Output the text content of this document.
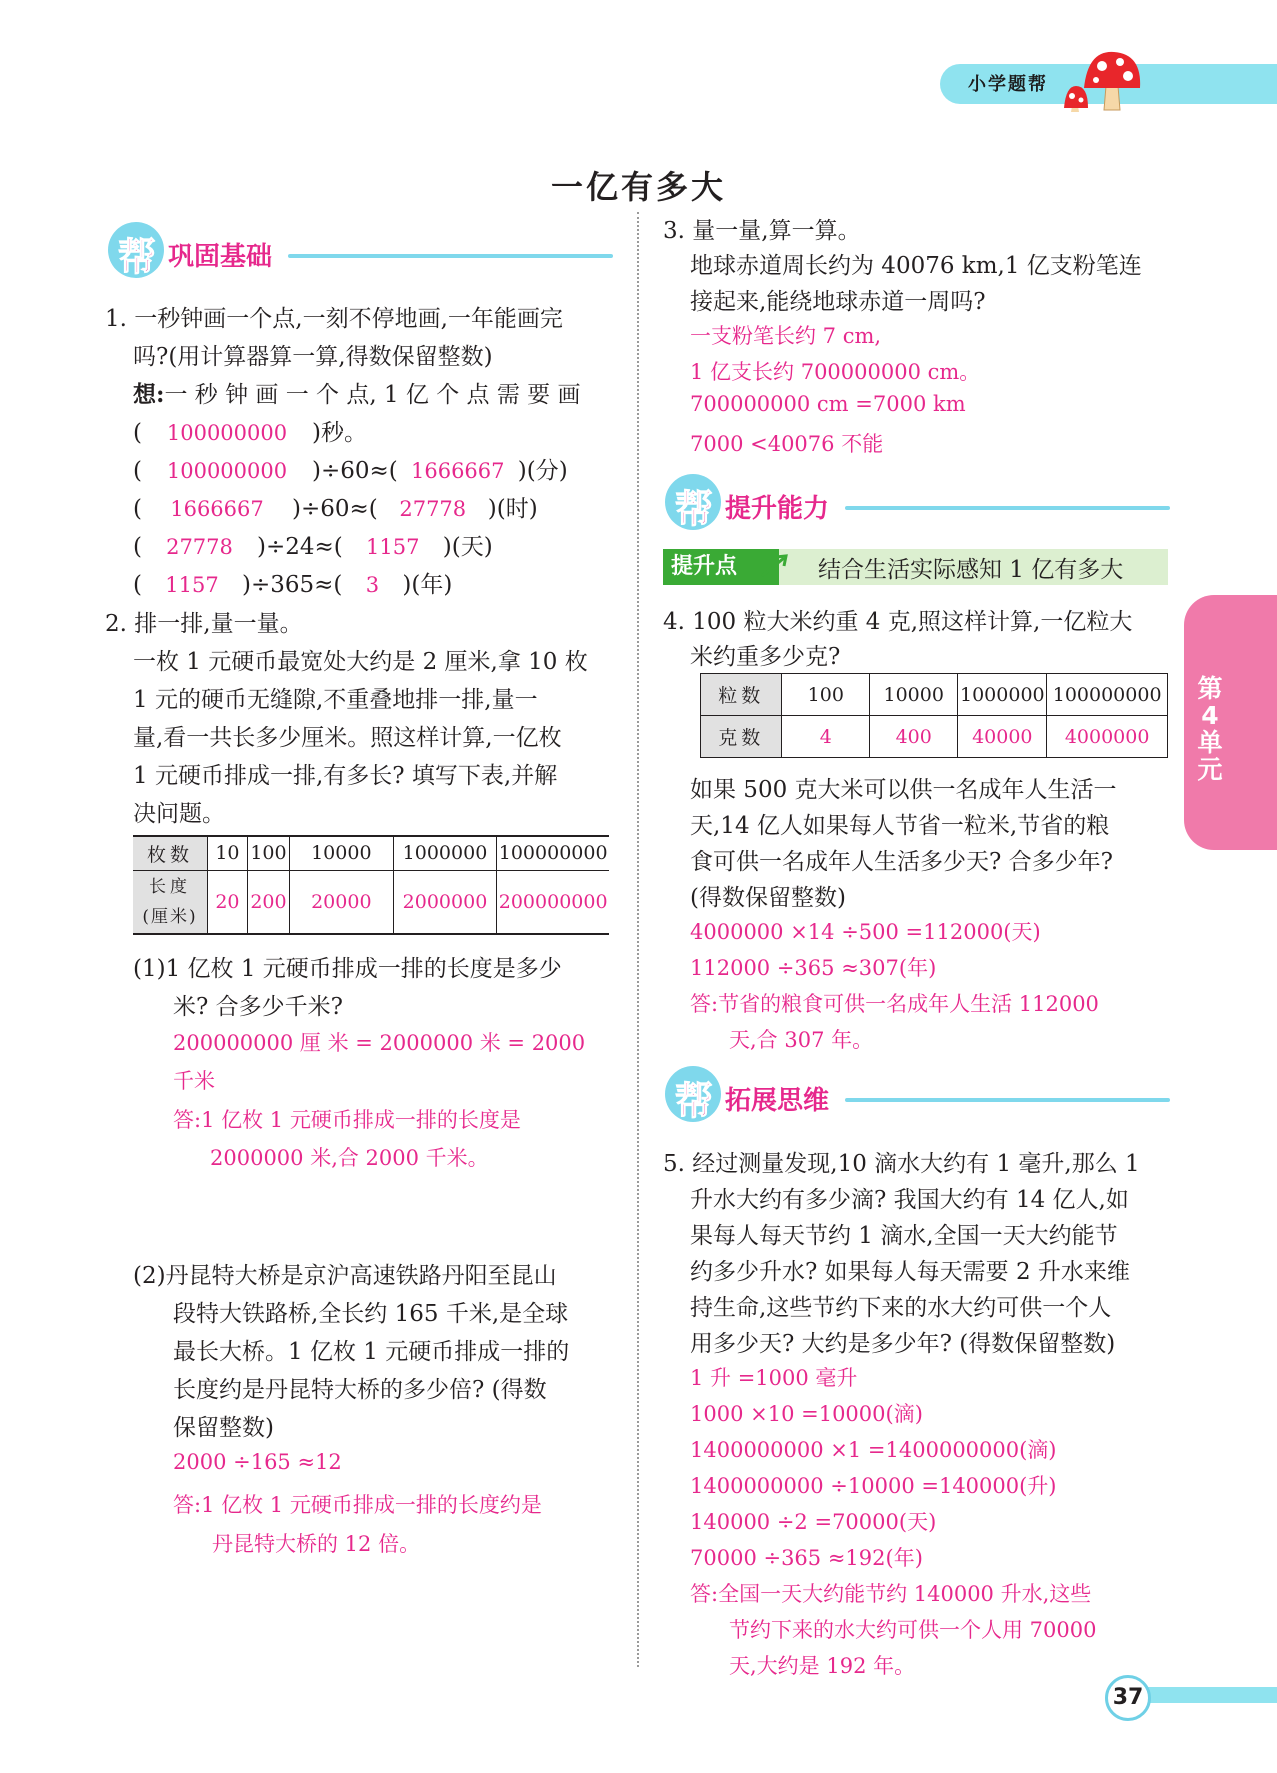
小学题帮
一亿有多大
帮 巩固基础
1. 一秒钟画一个点,一刻不停地画,一年能画完
吗?(用计算器算一算,得数保留整数)
想:一 秒 钟 画 一 个 点, 1 亿 个 点 需 要 画
( 100000000 )秒。
( 100000000 )÷60≈( 1666667 )(分)
( 1666667 )÷60≈( 27778 )(时)
( 27778 )÷24≈( 1157 )(天)
( 1157 )÷365≈( 3 )(年)
2. 排一排,量一量。
一枚 1 元硬币最宽处大约是 2 厘米,拿 10 枚
1 元的硬币无缝隙,不重叠地排一排,量一
量,看一共长多少厘米。照这样计算,一亿枚
1 元硬币排成一排,有多长? 填写下表,并解
决问题。
枚数	10	100	10000	1000000	100000000

长度
(厘米)	20	200	20000	2000000	200000000
(1)1 亿枚 1 元硬币排成一排的长度是多少
米? 合多少千米?
200000000 厘 米 = 2000000 米 = 2000
千米
答:1 亿枚 1 元硬币排成一排的长度是
2000000 米,合 2000 千米。
(2)丹昆特大桥是京沪高速铁路丹阳至昆山
段特大铁路桥,全长约 165 千米,是全球
最长大桥。1 亿枚 1 元硬币排成一排的
长度约是丹昆特大桥的多少倍? (得数
保留整数)
2000 ÷165 ≈12
答:1 亿枚 1 元硬币排成一排的长度约是
丹昆特大桥的 12 倍。
3. 量一量,算一算。
地球赤道周长约为 40076 km,1 亿支粉笔连
接起来,能绕地球赤道一周吗?
一支粉笔长约 7 cm,
1 亿支长约 700000000 cm。
700000000 cm =7000 km
7000 <40076 不能
帮 提升能力
提升点	结合生活实际感知 1 亿有多大
4. 100 粒大米约重 4 克,照这样计算,一亿粒大
米约重多少克?
粒数	100	10000	1000000	100000000
克数	4	400	40000	4000000
如果 500 克大米可以供一名成年人生活一
天,14 亿人如果每人节省一粒米,节省的粮
食可供一名成年人生活多少天? 合多少年?
(得数保留整数)
4000000 ×14 ÷500 =112000(天)
112000 ÷365 ≈307(年)
答:节省的粮食可供一名成年人生活 112000
天,合 307 年。
帮 拓展思维
5. 经过测量发现,10 滴水大约有 1 毫升,那么 1
升水大约有多少滴? 我国大约有 14 亿人,如
果每人每天节约 1 滴水,全国一天大约能节
约多少升水? 如果每人每天需要 2 升水来维
持生命,这些节约下来的水大约可供一个人
用多少天? 大约是多少年? (得数保留整数)
1 升 =1000 毫升
1000 ×10 =10000(滴)
1400000000 ×1 =1400000000(滴)
1400000000 ÷10000 =140000(升)
140000 ÷2 =70000(天)
70000 ÷365 ≈192(年)
答:全国一天大约能节约 140000 升水,这些
节约下来的水大约可供一个人用 70000
天,大约是 192 年。
第4单元
37
